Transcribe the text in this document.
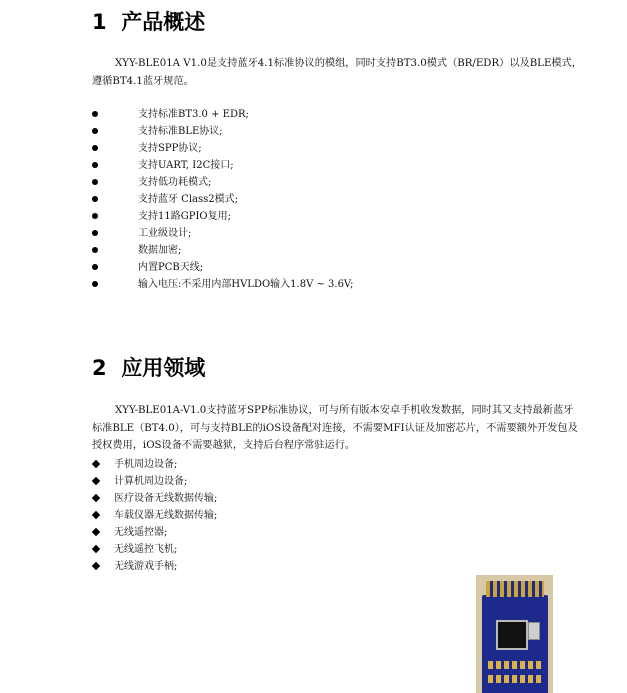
1 产品概述

XYY-BLE01A V1.0是支持蓝牙4.1标准协议的模组，同时支持BT3.0模式（BR/EDR）以及BLE模式，遵循BT4.1蓝牙规范。

支持标准BT3.0 + EDR;
支持标准BLE协议;
支持SPP协议;
支持UART, I2C接口;
支持低功耗模式;
支持蓝牙 Class2模式;
支持11路GPIO复用;
工业级设计;
数据加密;
内置PCB天线;
输入电压:不采用内部HVLDO输入1.8V ~ 3.6V;
2 应用领域

XYY-BLE01A-V1.0支持蓝牙SPP标准协议，可与所有版本安卓手机收发数据，同时其又支持最新蓝牙标准BLE（BT4.0），可与支持BLE的iOS设备配对连接，不需要MFI认证及加密芯片，不需要额外开发包及授权费用，iOS设备不需要越狱，支持后台程序常驻运行。

手机周边设备;
计算机周边设备;
医疗设备无线数据传输;
车载仪器无线数据传输;
无线遥控器;
无线遥控飞机;
无线游戏手柄;
